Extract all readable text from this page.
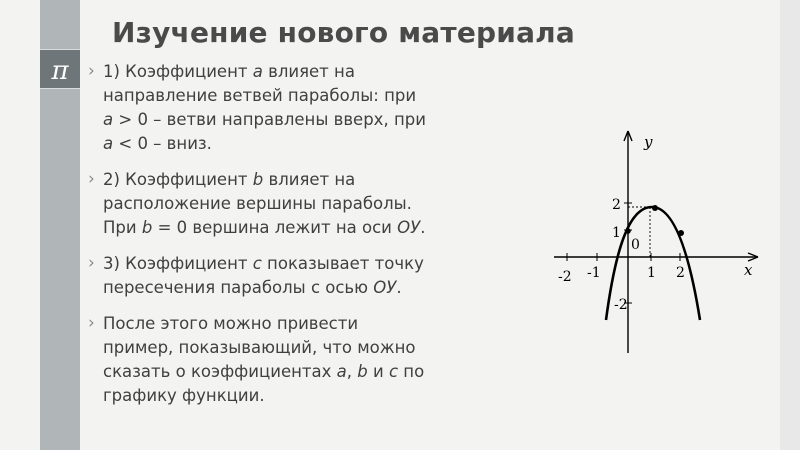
π
Изучение нового материала
› 1) Коэффициент a влияет на
направление ветвей параболы: при
a > 0 – ветви направлены вверх, при
a < 0 – вниз.
› 2) Коэффициент b влияет на
расположение вершины параболы.
При b = 0 вершина лежит на оси ОУ.
› 3) Коэффициент c показывает точку
пересечения параболы с осью ОУ.
› После этого можно привести
пример, показывающий, что можно
сказать о коэффициентах a, b и c по
графику функции.
y
x
0
-2 -1	1 2
2
1
-2
